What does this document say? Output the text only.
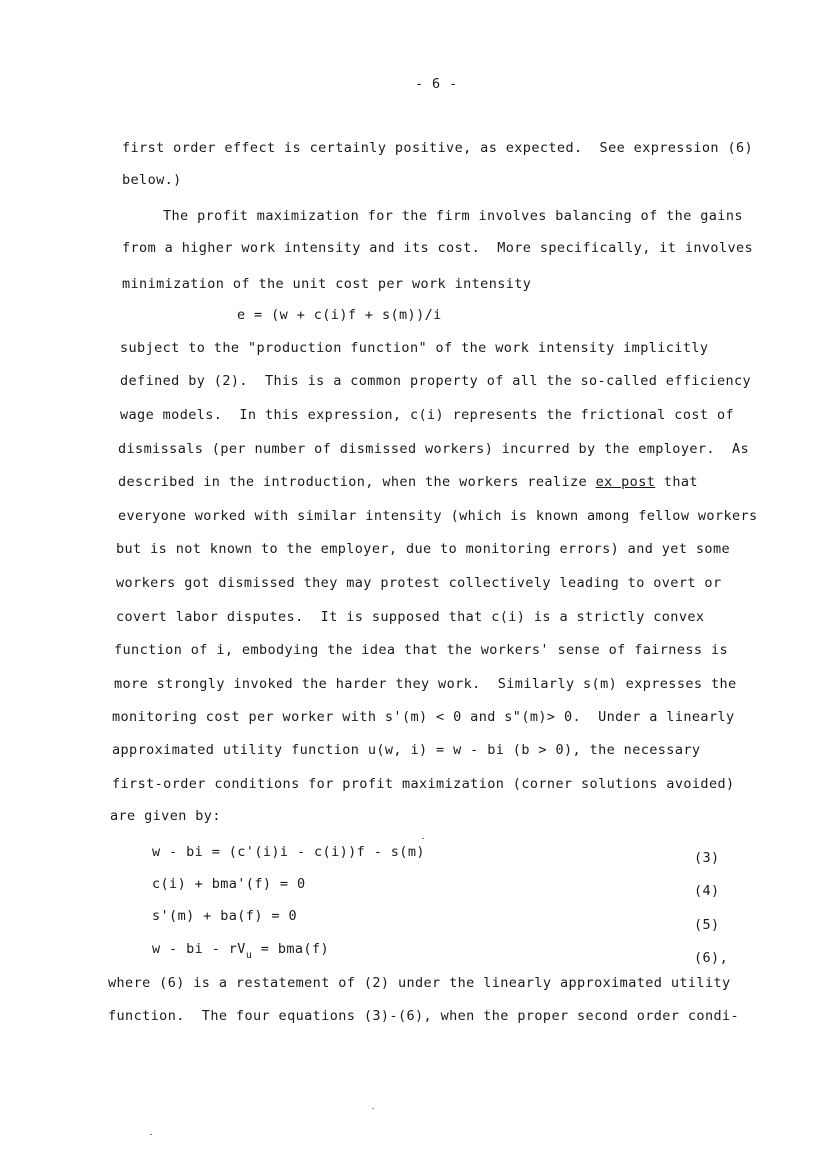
- 6 -
first order effect is certainly positive, as expected.  See expression (6)
below.)
The profit maximization for the firm involves balancing of the gains
from a higher work intensity and its cost.  More specifically, it involves
minimization of the unit cost per work intensity
e = (w + c(i)f + s(m))/i
subject to the "production function" of the work intensity implicitly
defined by (2).  This is a common property of all the so-called efficiency
wage models.  In this expression, c(i) represents the frictional cost of
dismissals (per number of dismissed workers) incurred by the employer.  As
described in the introduction, when the workers realize ex post that
everyone worked with similar intensity (which is known among fellow workers
but is not known to the employer, due to monitoring errors) and yet some
workers got dismissed they may protest collectively leading to overt or
covert labor disputes.  It is supposed that c(i) is a strictly convex
function of i, embodying the idea that the workers' sense of fairness is
more strongly invoked the harder they work.  Similarly s(m) expresses the
monitoring cost per worker with s'(m) < 0 and s"(m)> 0.  Under a linearly
approximated utility function u(w, i) = w - bi (b > 0), the necessary
first-order conditions for profit maximization (corner solutions avoided)
are given by:
w - bi = (c'(i)i - c(i))f - s(m)	(3)
c(i) + bma'(f) = 0	(4)
s'(m) + ba(f) = 0
(5)
w - bi - $rV_u = bma(f)$
(6),
where (6) is a restatement of (2) under the linearly approximated utility
function.  The four equations (3)-(6), when the proper second order condi-
